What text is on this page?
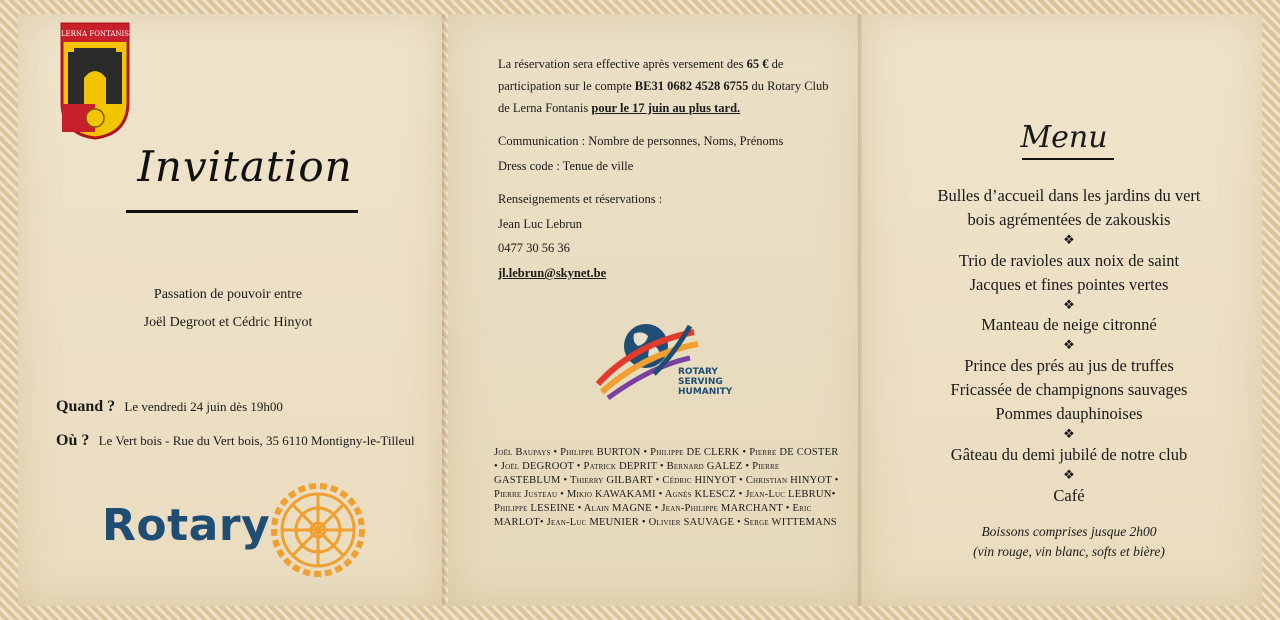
LERNA FONTANIS
Invitation
Passation de pouvoir entre
Joël Degroot et Cédric Hinyot
Quand ? Le vendredi 24 juin dès 19h00
Où ? Le Vert bois - Rue du Vert bois, 35 6110 Montigny-le-Tilleul
Rotary
La réservation sera effective après versement des 65 € de participation sur le compte BE31 0682 4528 6755 du Rotary Club de Lerna Fontanis pour le 17 juin au plus tard.
Communication : Nombre de personnes, Noms, Prénoms
Dress code : Tenue de ville
Renseignements et réservations :
Jean Luc Lebrun
0477 30 56 36
jl.lebrun@skynet.be
ROTARY
SERVING
HUMANITY
Joël Baupays • Philippe BURTON • Philippe DE CLERK • Pierre DE COSTER • Joël DEGROOT • Patrick DEPRIT • Bernard GALEZ • Pierre GASTEBLUM • Thierry GILBART • Cédric HINYOT • Christian HINYOT • Pierre Justeau • Mikio KAWAKAMI • Agnès KLESCZ • Jean-Luc LEBRUN• Philippe LESEINE • Alain MAGNE • Jean-Philippe MARCHANT • Eric MARLOT• Jean-Luc MEUNIER • Olivier SAUVAGE • Serge WITTEMANS
Menu
Bulles d’accueil dans les jardins du vert
bois agrémentées de zakouskis
❖
Trio de ravioles aux noix de saint
Jacques et fines pointes vertes
❖
Manteau de neige citronné
❖
Prince des prés au jus de truffes
Fricassée de champignons sauvages
Pommes dauphinoises
❖
Gâteau du demi jubilé de notre club
❖
Café
Boissons comprises jusque 2h00
(vin rouge, vin blanc, softs et bière)
